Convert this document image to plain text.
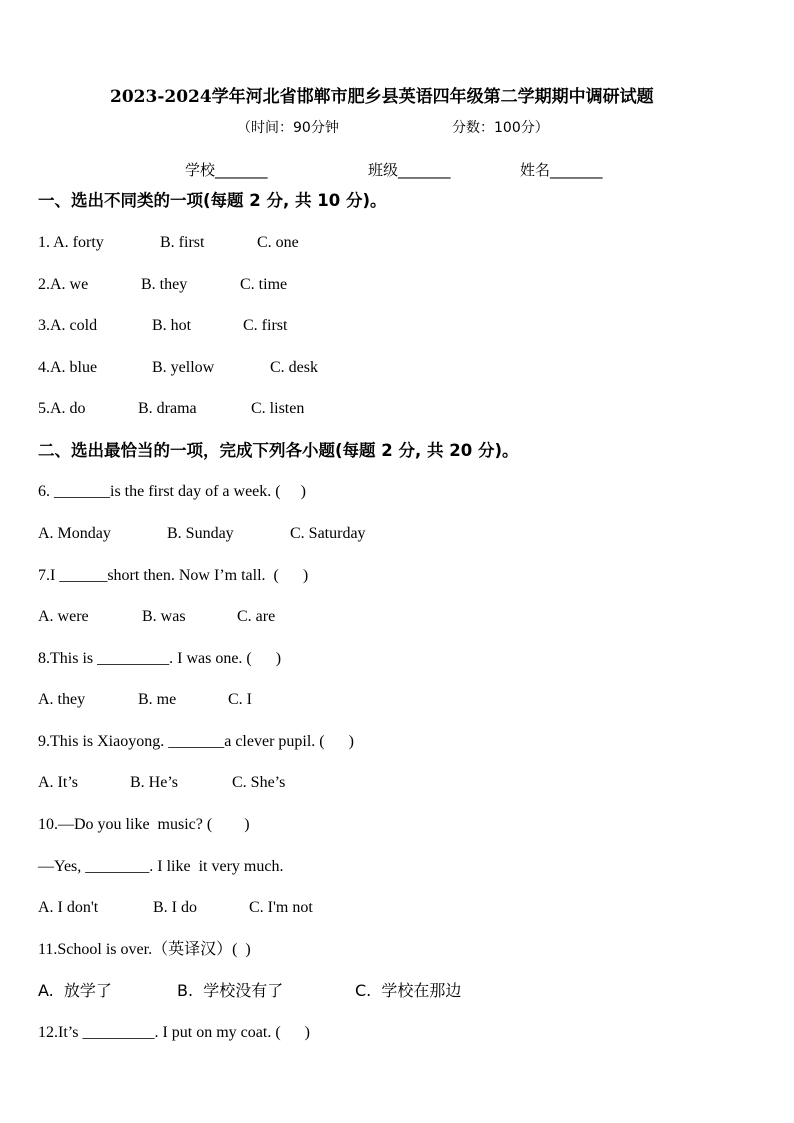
2023-2024学年河北省邯郸市肥乡县英语四年级第二学期期中调研试题
（时间：90分钟	分数：100分）
学校_______	班级_______	姓名_______
一、选出不同类的一项(每题 2 分, 共 10 分)。
1. A. forty	B. first	C. one
2.A. we	B. they	C. time
3.A. cold	B. hot	C. first
4.A. blue	B. yellow	C. desk
5.A. do	B. drama	C. listen
二、选出最恰当的一项，完成下列各小题(每题 2 分, 共 20 分)。
6. _______is the first day of a week. (     )
A. Monday	B. Sunday	C. Saturday
7.I ______short then. Now I’m tall.  (      )
A. were	B. was	C. are
8.This is _________. I was one. (      )
A. they	B. me	C. I
9.This is Xiaoyong. _______a clever pupil. (      )
A. It’s	B. He’s	C. She’s
10.—Do you like  music? (        )
—Yes, ________. I like  it very much.
A. I don't	B. I do	C. I'm not
11.School is over.（英译汉）(  )
A.  放学了	B.  学校没有了	C.  学校在那边
12.It’s _________. I put on my coat. (      )
